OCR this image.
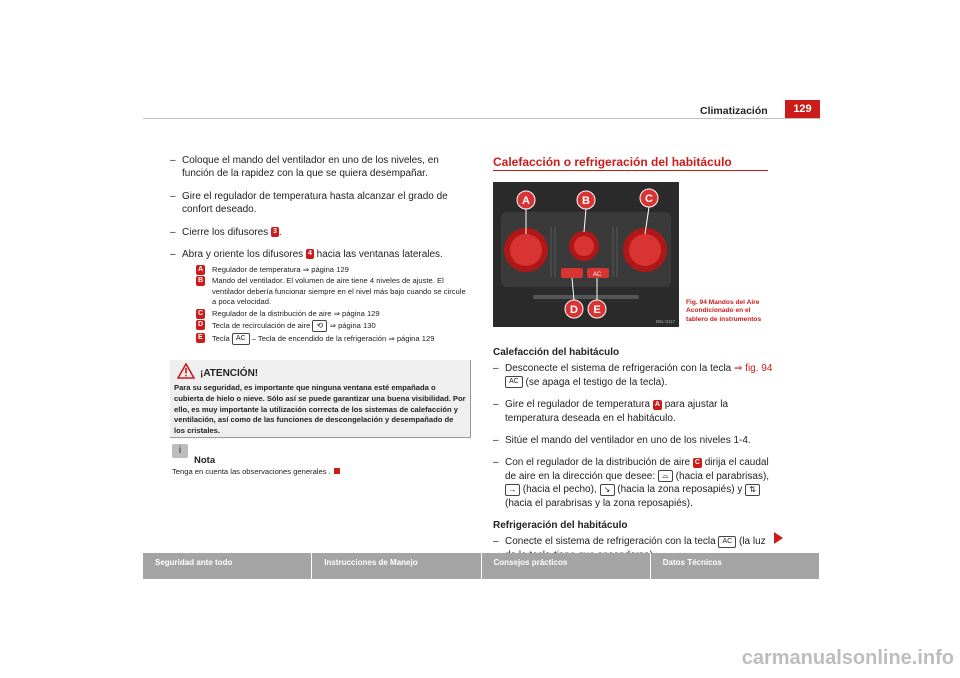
Climatización	129
– Coloque el mando del ventilador en uno de los niveles, en función de la rapidez con la que se quiera desempañar.
– Gire el regulador de temperatura hasta alcanzar el grado de confort deseado.
– Cierre los difusores 3 .
– Abra y oriente los difusores 4 hacia las ventanas laterales.
A Regulador de temperatura ⇒ página 129
B Mando del ventilador. El volumen de aire tiene 4 niveles de ajuste. El ventilador debería funcionar siempre en el nivel más bajo cuando se circule a poca velocidad.
C Regulador de la distribución de aire ⇒ página 129
D Tecla de recirculación de aire ⟲ ⇒ página 130
E Tecla AC – Tecla de encendido de la refrigeración ⇒ página 129
¡ATENCIÓN!
Para su seguridad, es importante que ninguna ventana esté empañada o cubierta de hielo o nieve. Sólo así se puede garantizar una buena visibilidad. Por ello, es muy importante la utilización correcta de los sistemas de calefacción y ventilación, así como de las funciones de descongelación y desempañado de los cristales.
i
Nota
Tenga en cuenta las observaciones generales .
Calefacción o refrigeración del habitáculo
AC
A	B	C
D E
B6L-0117
Fig. 94 Mandos del Aire Acondicionado en el tablero de instrumentos
Calefacción del habitáculo
– Desconecte el sistema de refrigeración con la tecla ⇒ fig. 94 AC (se apaga el testigo de la tecla).
– Gire el regulador de temperatura A para ajustar la temperatura deseada en el habitáculo.
– Sitúe el mando del ventilador en uno de los niveles 1-4.
– Con el regulador de la distribución de aire C dirija el caudal de aire en la dirección que desee: ⌓ (hacia el parabrisas), → (hacia el pecho), ↘ (hacia la zona reposapiés) y ⇅ (hacia el parabrisas y la zona reposapiés).
Refrigeración del habitáculo
– Conecte el sistema de refrigeración con la tecla AC (la luz
Seguridad ante todo	Instrucciones de Manejo	Consejos prácticos	Datos Técnicos
carmanualsonline.info
